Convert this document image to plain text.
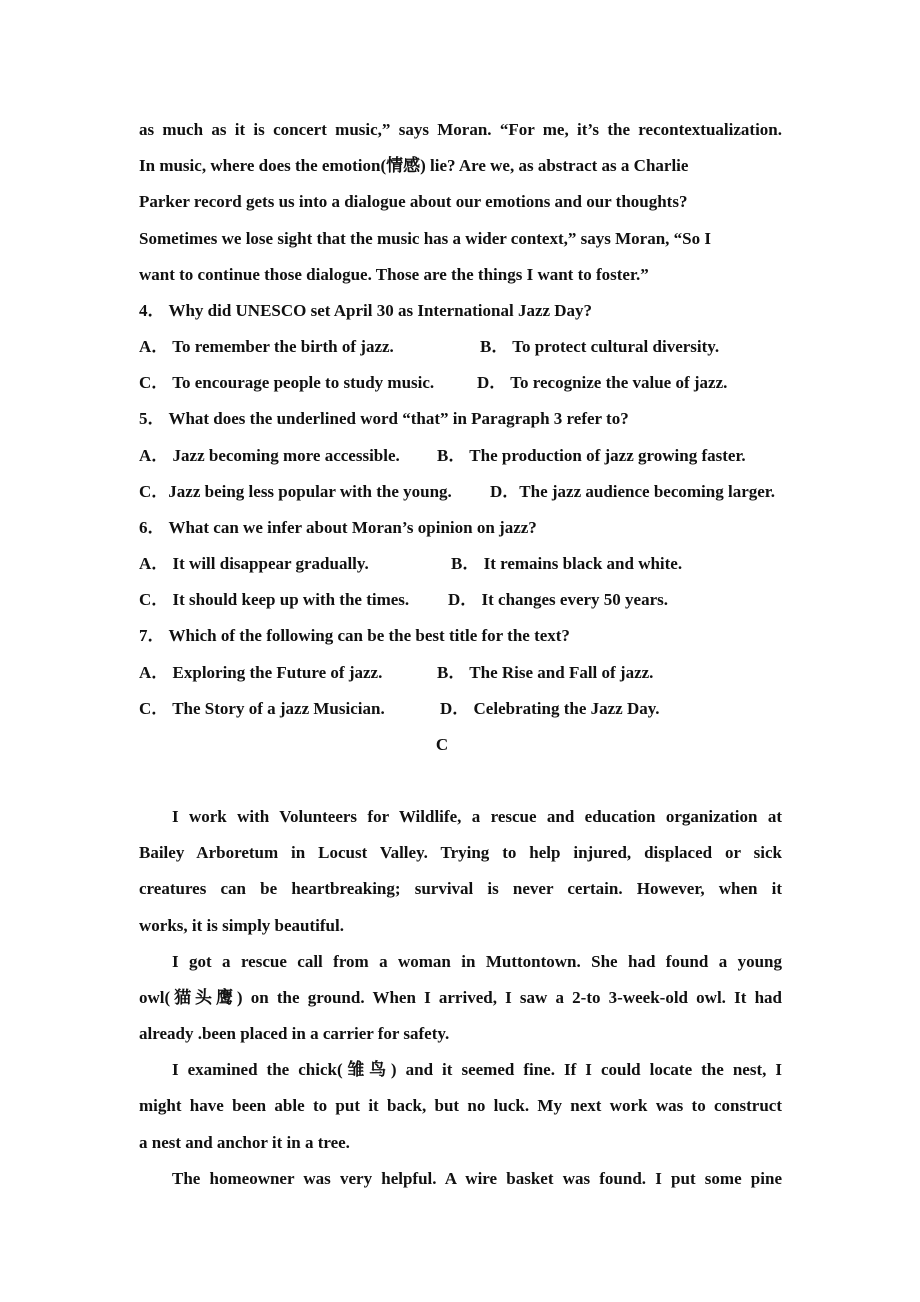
as much as it is concert music,” says Moran. “For me, it’s the recontextualization.
In music, where does the emotion(情感) lie? Are we, as abstract as a Charlie
Parker record gets us into a dialogue about our emotions and our thoughts?
Sometimes we lose sight that the music has a wider context,” says Moran, “So I
want to continue those dialogue. Those are the things I want to foster.”
4． Why did UNESCO set April 30 as International Jazz Day?
A． To remember the birth of jazz.	B． To protect cultural diversity.
C． To encourage people to study music.	D． To recognize the value of jazz.
5． What does the underlined word “that” in Paragraph 3 refer to?
A． Jazz becoming more accessible. B． The production of jazz growing faster.
C．Jazz being less popular with the young. D．The jazz audience becoming larger.
6． What can we infer about Moran’s opinion on jazz?
A． It will disappear gradually.	B． It remains black and white.
C． It should keep up with the times. D． It changes every 50 years.
7． Which of the following can be the best title for the text?
A． Exploring the Future of jazz.	B． The Rise and Fall of jazz.
C． The Story of a jazz Musician.	D． Celebrating the Jazz Day.
C
I work with Volunteers for Wildlife, a rescue and education organization at
Bailey Arboretum in Locust Valley. Trying to help injured, displaced or sick
creatures can be heartbreaking; survival is never certain. However, when it
works, it is simply beautiful.
I got a rescue call from a woman in Muttontown. She had found a young
owl(猫头鹰) on the ground. When I arrived, I saw a 2-to 3-week-old owl. It had
already .been placed in a carrier for safety.
I examined the chick(雏鸟) and it seemed fine. If I could locate the nest, I
might have been able to put it back, but no luck. My next work was to construct
a nest and anchor it in a tree.
The homeowner was very helpful. A wire basket was found. I put some pine
